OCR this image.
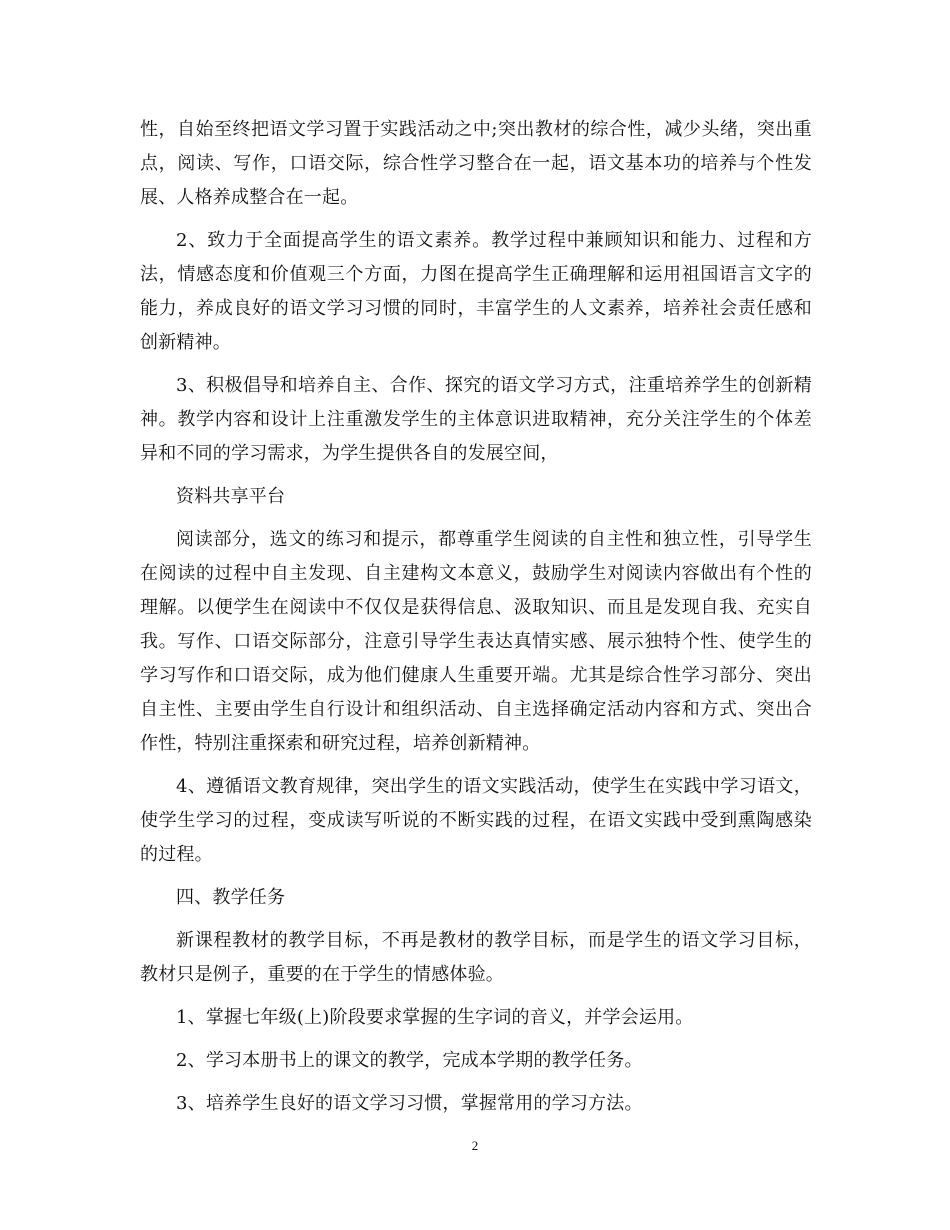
性，自始至终把语文学习置于实践活动之中;突出教材的综合性，减少头绪，突出重点，阅读、写作，口语交际，综合性学习整合在一起，语文基本功的培养与个性发展、人格养成整合在一起。

2、致力于全面提高学生的语文素养。教学过程中兼顾知识和能力、过程和方法，情感态度和价值观三个方面，力图在提高学生正确理解和运用祖国语言文字的能力，养成良好的语文学习习惯的同时，丰富学生的人文素养，培养社会责任感和创新精神。

3、积极倡导和培养自主、合作、探究的语文学习方式，注重培养学生的创新精神。教学内容和设计上注重激发学生的主体意识进取精神，充分关注学生的个体差异和不同的学习需求，为学生提供各自的发展空间，

资料共享平台

阅读部分，选文的练习和提示，都尊重学生阅读的自主性和独立性，引导学生在阅读的过程中自主发现、自主建构文本意义，鼓励学生对阅读内容做出有个性的理解。以便学生在阅读中不仅仅是获得信息、汲取知识、而且是发现自我、充实自我。写作、口语交际部分，注意引导学生表达真情实感、展示独特个性、使学生的学习写作和口语交际，成为他们健康人生重要开端。尤其是综合性学习部分、突出自主性、主要由学生自行设计和组织活动、自主选择确定活动内容和方式、突出合作性，特别注重探索和研究过程，培养创新精神。

4、遵循语文教育规律，突出学生的语文实践活动，使学生在实践中学习语文，使学生学习的过程，变成读写听说的不断实践的过程，在语文实践中受到熏陶感染的过程。

四、教学任务

新课程教材的教学目标，不再是教材的教学目标，而是学生的语文学习目标，教材只是例子，重要的在于学生的情感体验。

1、掌握七年级(上)阶段要求掌握的生字词的音义，并学会运用。

2、学习本册书上的课文的教学，完成本学期的教学任务。

3、培养学生良好的语文学习习惯，掌握常用的学习方法。

2
